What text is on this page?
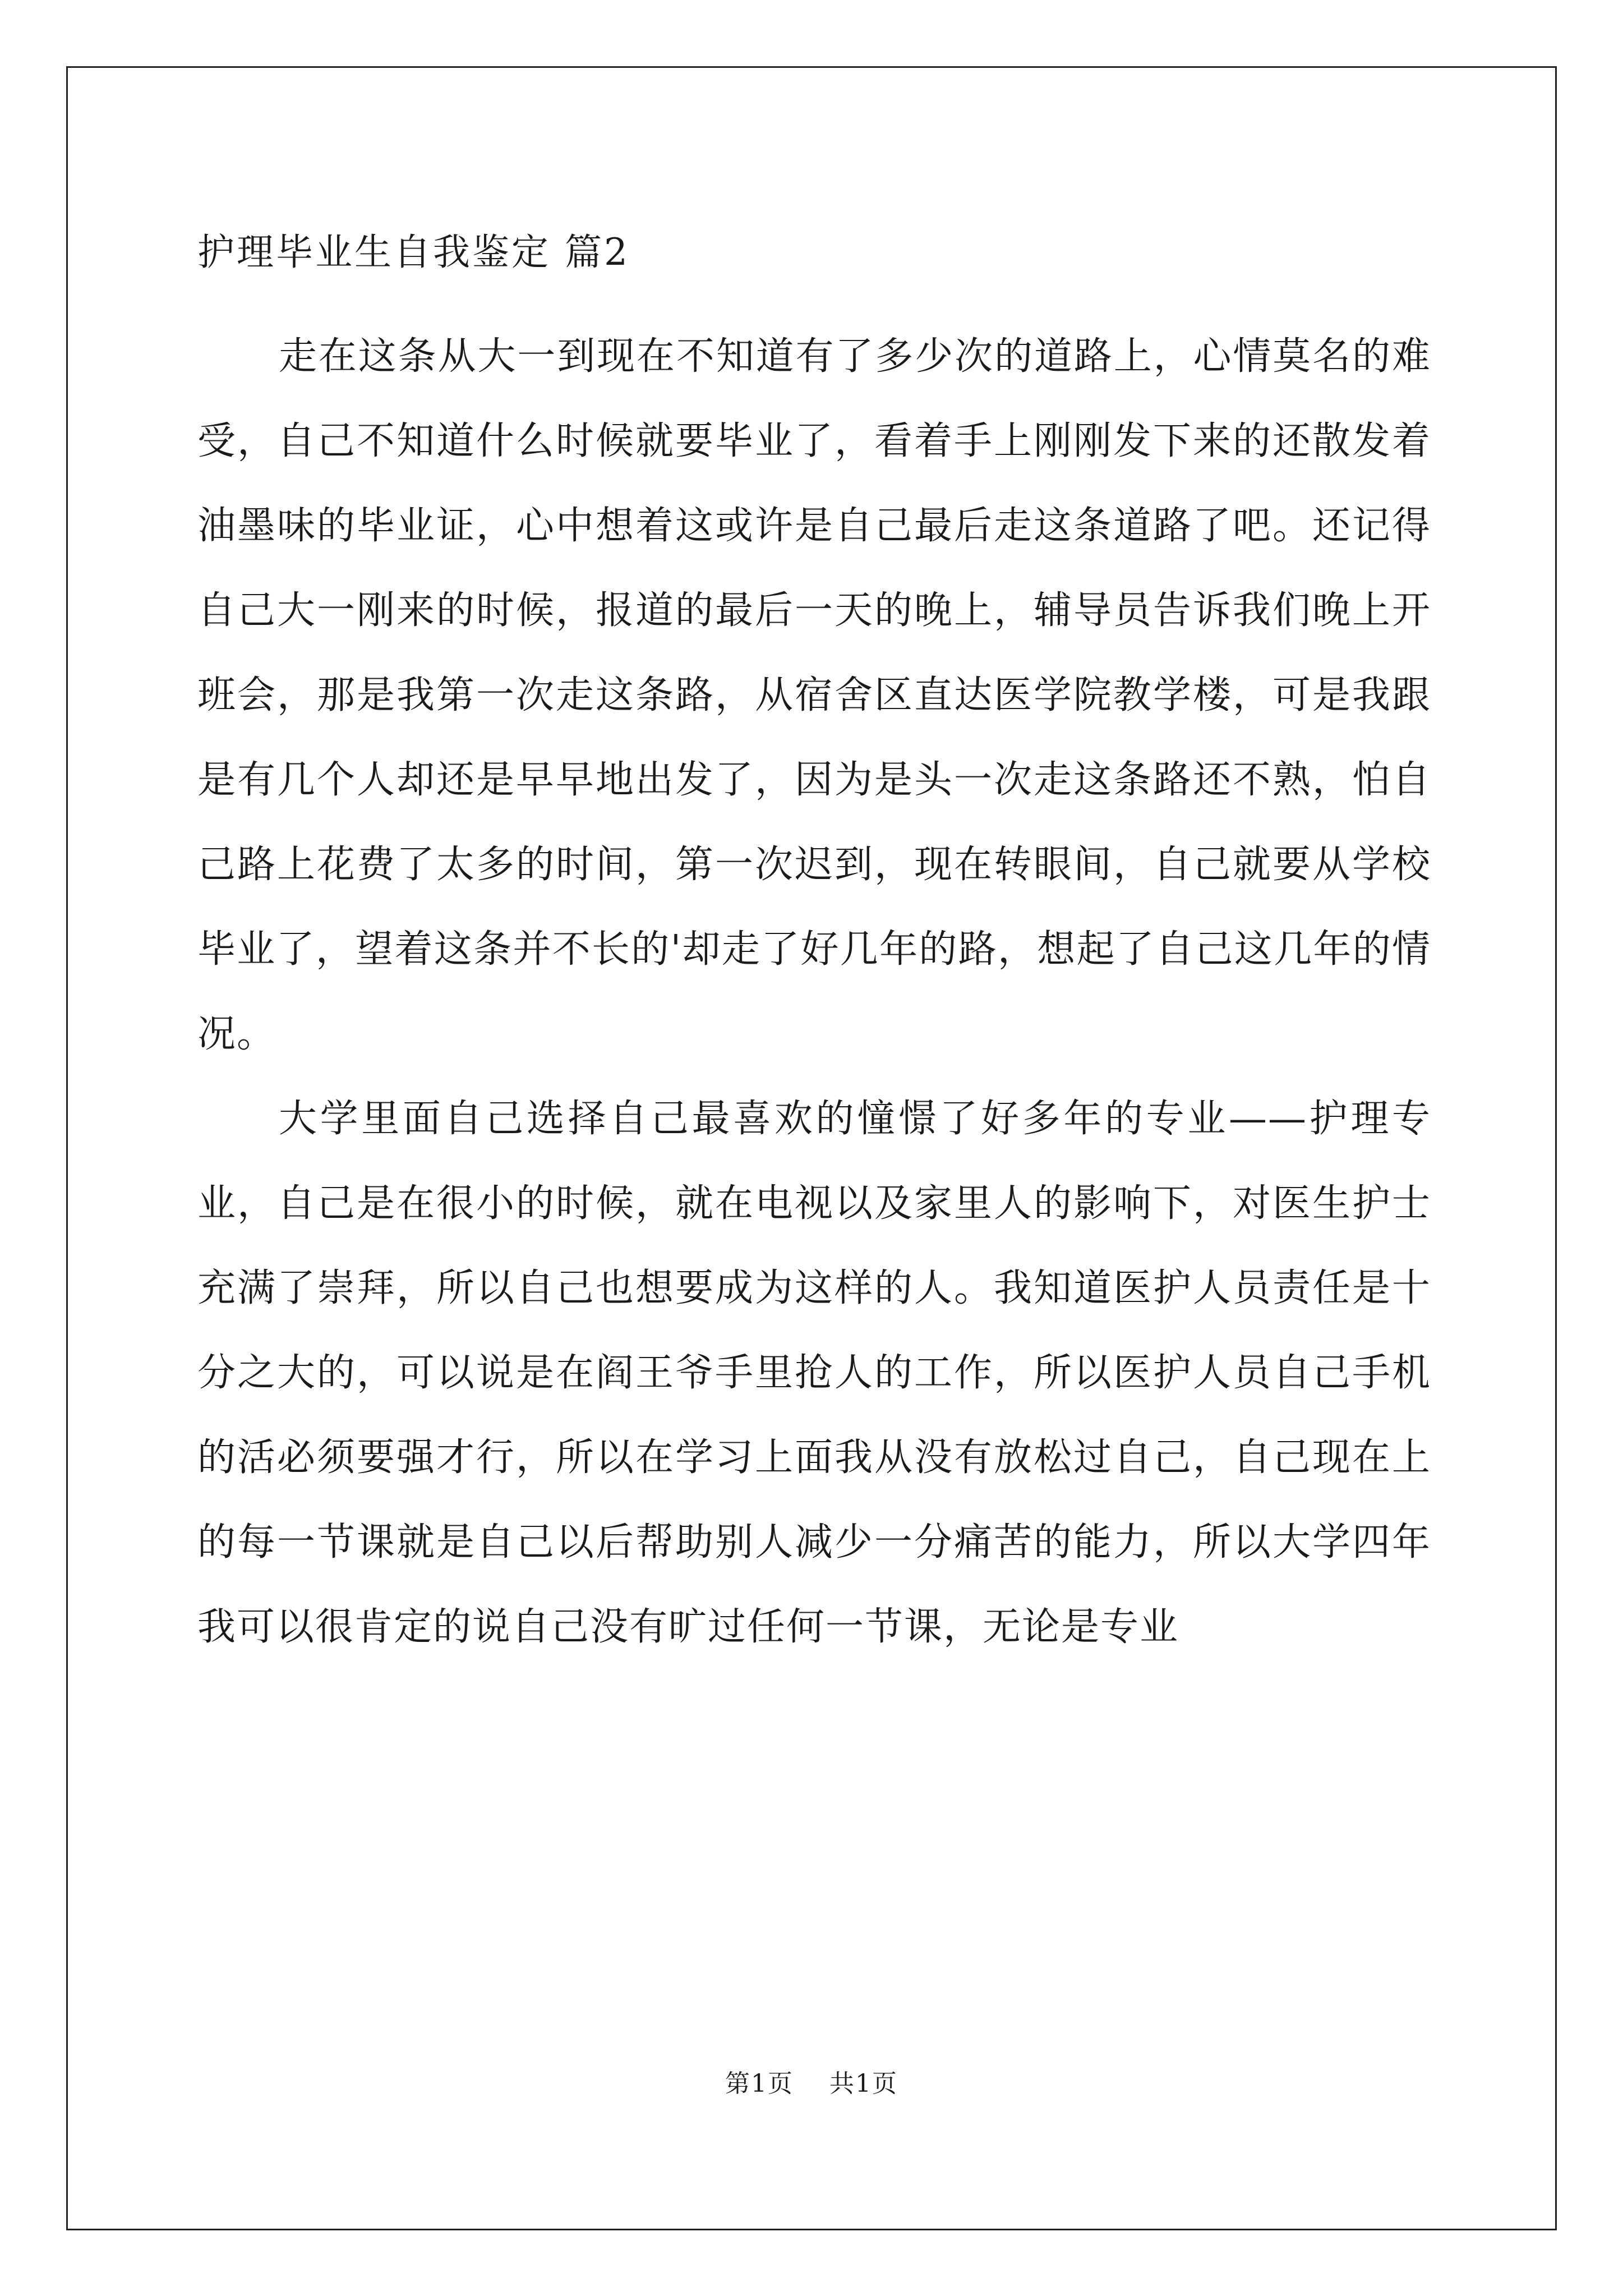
护理毕业生自我鉴定 篇2

走在这条从大一到现在不知道有了多少次的道路上，心情莫名的难受，自己不知道什么时候就要毕业了，看着手上刚刚发下来的还散发着油墨味的毕业证，心中想着这或许是自己最后走这条道路了吧。还记得自己大一刚来的时候，报道的最后一天的晚上，辅导员告诉我们晚上开班会，那是我第一次走这条路，从宿舍区直达医学院教学楼，可是我跟是有几个人却还是早早地出发了，因为是头一次走这条路还不熟，怕自己路上花费了太多的时间，第一次迟到，现在转眼间，自己就要从学校毕业了，望着这条并不长的'却走了好几年的路，想起了自己这几年的情况。

大学里面自己选择自己最喜欢的憧憬了好多年的专业——护理专业，自己是在很小的时候，就在电视以及家里人的影响下，对医生护士充满了崇拜，所以自己也想要成为这样的人。我知道医护人员责任是十分之大的，可以说是在阎王爷手里抢人的工作，所以医护人员自己手机的活必须要强才行，所以在学习上面我从没有放松过自己，自己现在上的每一节课就是自己以后帮助别人减少一分痛苦的能力，所以大学四年我可以很肯定的说自己没有旷过任何一节课，无论是专业

第1页 共1页
